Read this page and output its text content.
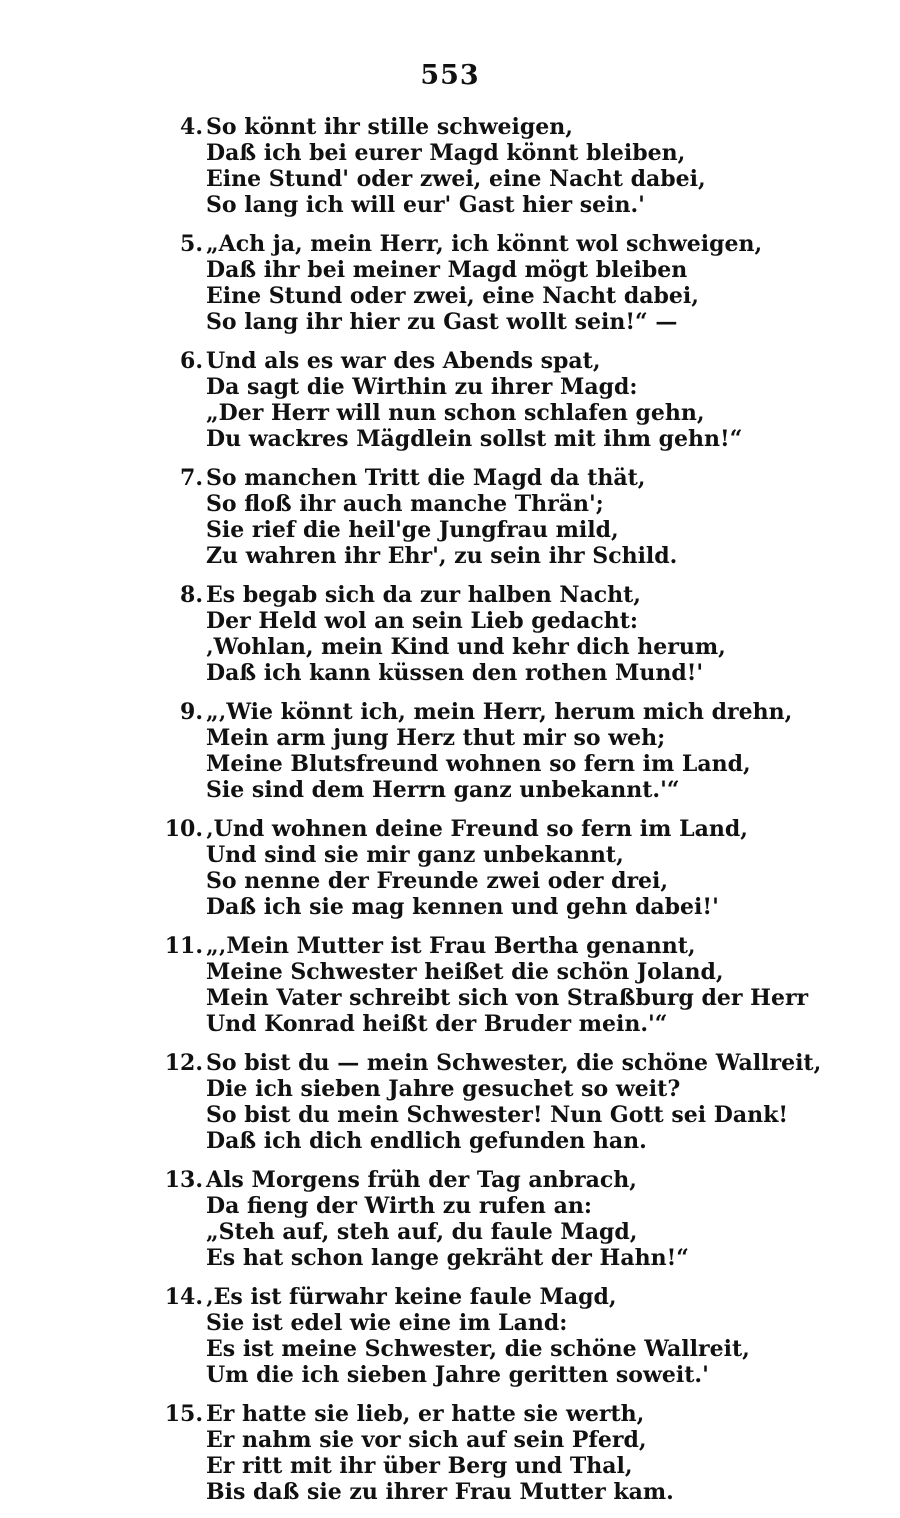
553
4. So könnt ihr stille schweigen,
Daß ich bei eurer Magd könnt bleiben,
Eine Stund' oder zwei, eine Nacht dabei,
So lang ich will eur' Gast hier sein.'
5. „Ach ja, mein Herr, ich könnt wol schweigen,
Daß ihr bei meiner Magd mögt bleiben
Eine Stund oder zwei, eine Nacht dabei,
So lang ihr hier zu Gast wollt sein!“ —
6. Und als es war des Abends spat,
Da sagt die Wirthin zu ihrer Magd:
„Der Herr will nun schon schlafen gehn,
Du wackres Mägdlein sollst mit ihm gehn!“
7. So manchen Tritt die Magd da thät,
So floß ihr auch manche Thrän';
Sie rief die heil'ge Jungfrau mild,
Zu wahren ihr Ehr', zu sein ihr Schild.
8. Es begab sich da zur halben Nacht,
Der Held wol an sein Lieb gedacht:
‚Wohlan, mein Kind und kehr dich herum,
Daß ich kann küssen den rothen Mund!'
9. „‚Wie könnt ich, mein Herr, herum mich drehn,
Mein arm jung Herz thut mir so weh;
Meine Blutsfreund wohnen so fern im Land,
Sie sind dem Herrn ganz unbekannt.'“
10. ‚Und wohnen deine Freund so fern im Land,
Und sind sie mir ganz unbekannt,
So nenne der Freunde zwei oder drei,
Daß ich sie mag kennen und gehn dabei!'
11. „‚Mein Mutter ist Frau Bertha genannt,
Meine Schwester heißet die schön Joland,
Mein Vater schreibt sich von Straßburg der Herr
Und Konrad heißt der Bruder mein.'“
12. So bist du — mein Schwester, die schöne Wallreit,
Die ich sieben Jahre gesuchet so weit?
So bist du mein Schwester! Nun Gott sei Dank!
Daß ich dich endlich gefunden han.
13. Als Morgens früh der Tag anbrach,
Da fieng der Wirth zu rufen an:
„Steh auf, steh auf, du faule Magd,
Es hat schon lange gekräht der Hahn!“
14. ‚Es ist fürwahr keine faule Magd,
Sie ist edel wie eine im Land:
Es ist meine Schwester, die schöne Wallreit,
Um die ich sieben Jahre geritten soweit.'
15. Er hatte sie lieb, er hatte sie werth,
Er nahm sie vor sich auf sein Pferd,
Er ritt mit ihr über Berg und Thal,
Bis daß sie zu ihrer Frau Mutter kam.
